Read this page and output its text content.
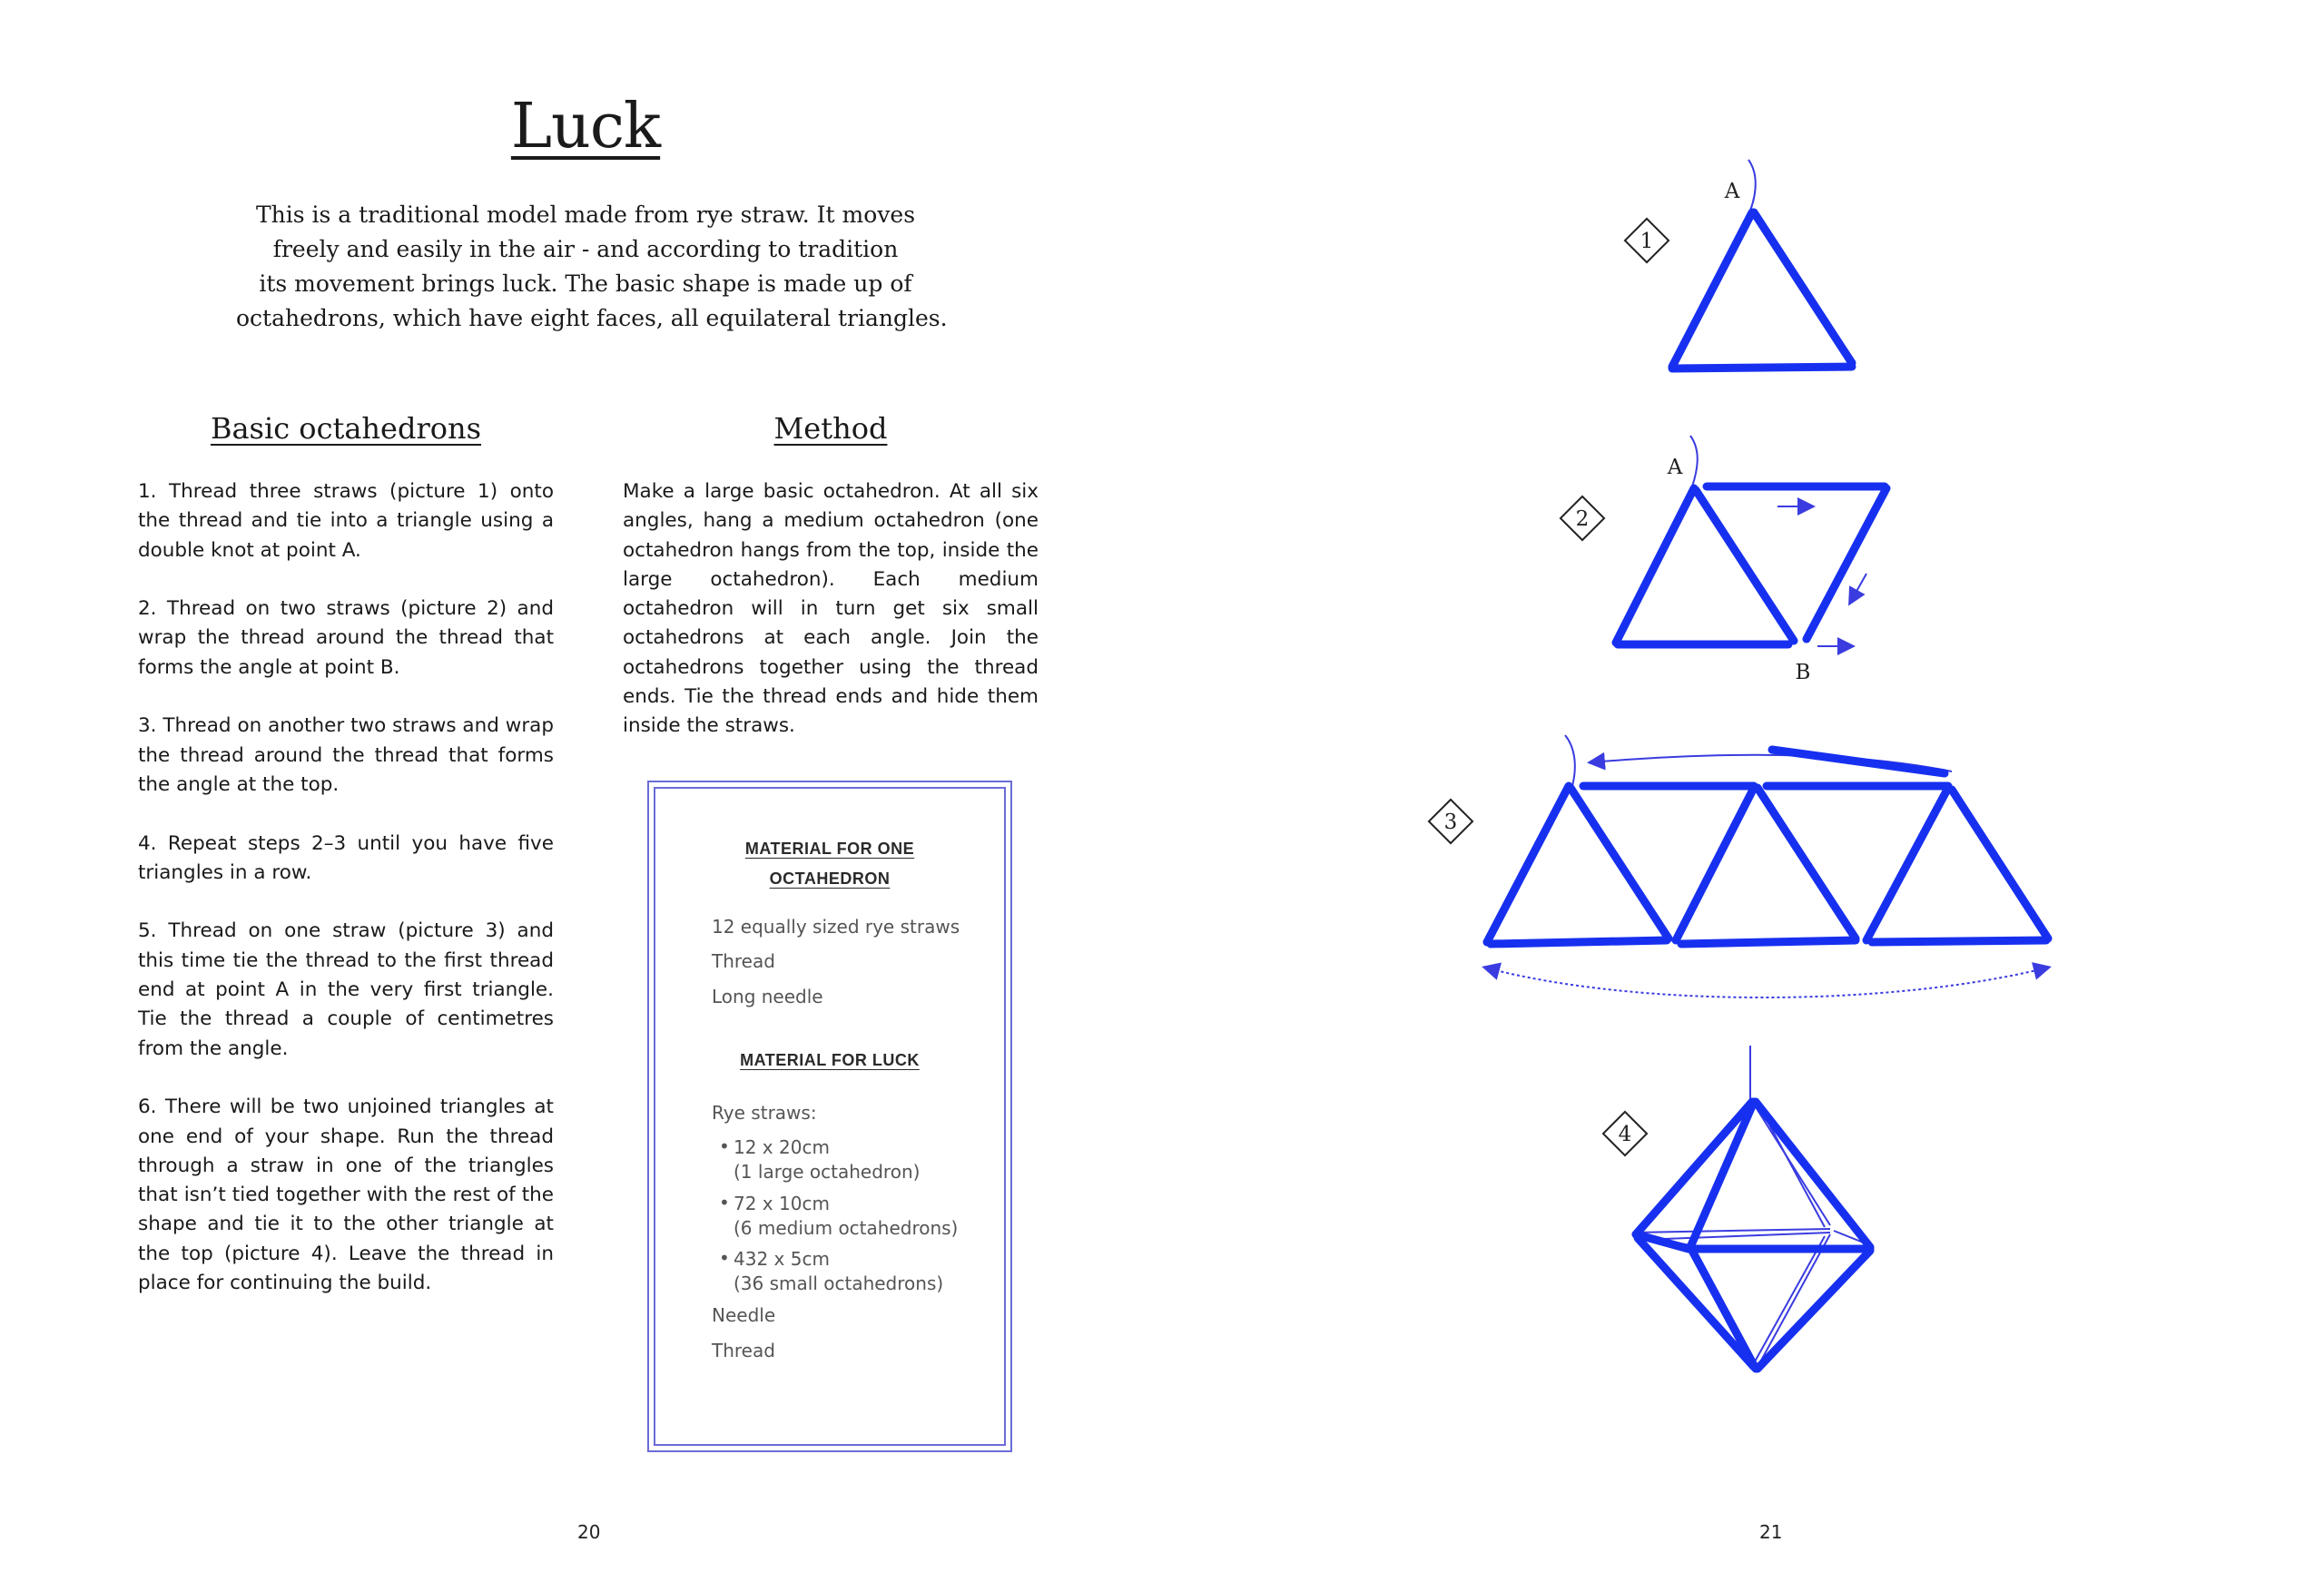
Luck
This is a traditional model made from rye straw. It moves
freely and easily in the air - and according to tradition
its movement brings luck. The basic shape is made up of
octahedrons, which have eight faces, all equilateral triangles.
Basic octahedrons	Method

1. Thread three straws (picture 1) onto the thread and tie into a triangle using a double knot at point A.

2. Thread on two straws (picture 2) and wrap the thread around the thread that forms the angle at point B.

3. Thread on another two straws and wrap the thread around the thread that forms the angle at the top.

4. Repeat steps 2–3 until you have five triangles in a row.

5. Thread on one straw (picture 3) and this time tie the thread to the first thread end at point A in the very first triangle. Tie the thread a couple of centimetres from the angle.

6. There will be two unjoined triangles at one end of your shape. Run the thread through a straw in one of the triangles that isn’t tied together with the rest of the shape and tie it to the other triangle at the top (picture 4). Leave the thread in place for continuing the build.

Make a large basic octahedron. At all six angles, hang a medium octahedron (one octahedron hangs from the top, inside the large octahedron). Each medium octahedron will in turn get six small octahedrons at each angle. Join the octahedrons together using the thread ends. Tie the thread ends and hide them inside the straws.

MATERIAL FOR ONE
OCTAHEDRON
12 equally sized rye straws
Thread
Long needle
MATERIAL FOR LUCK
Rye straws:
• 12 x 20cm
(1 large octahedron)
• 72 x 10cm
(6 medium octahedrons)
• 432 x 5cm
(36 small octahedrons)
Needle
Thread
20	21
1
A
2
A
B
3
4
